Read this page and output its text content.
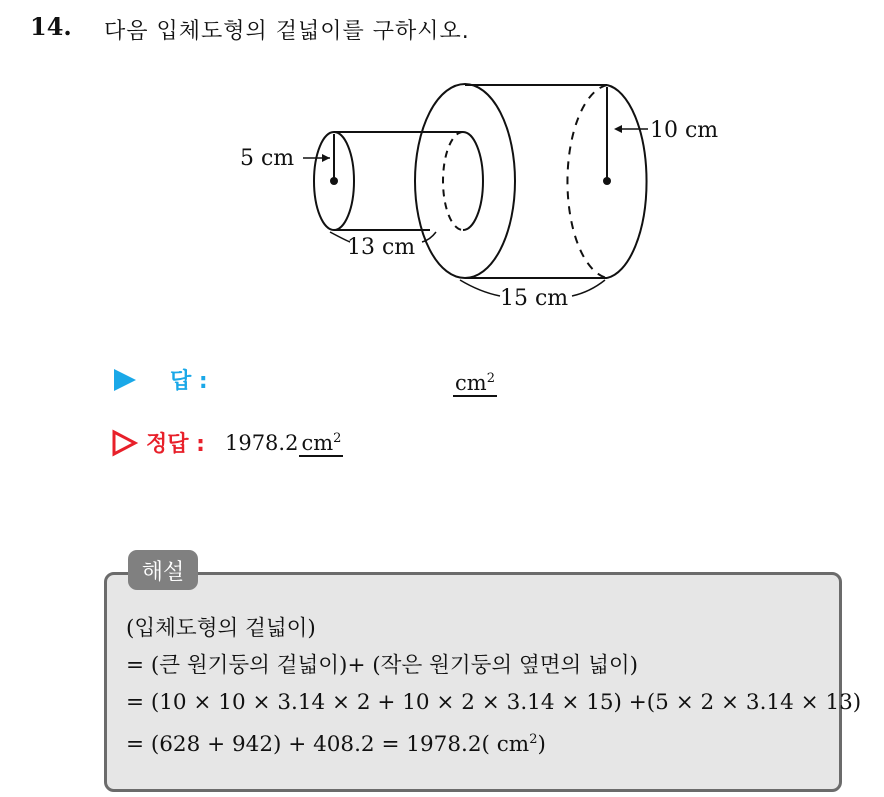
14. 다음 입체도형의 겉넓이를 구하시오.
5 cm
10 cm
13 cm
15 cm
답 :	$cm^2$
정답 : 1978.2 $cm^2$
해설
(입체도형의 겉넓이)
= (큰 원기둥의 겉넓이)+ (작은 원기둥의 옆면의 넓이)
= (10 × 10 × 3.14 × 2 + 10 × 2 × 3.14 × 15) +(5 × 2 × 3.14 × 13)
= (628 + 942) + 408.2 = 1978.2( $cm^2$)
